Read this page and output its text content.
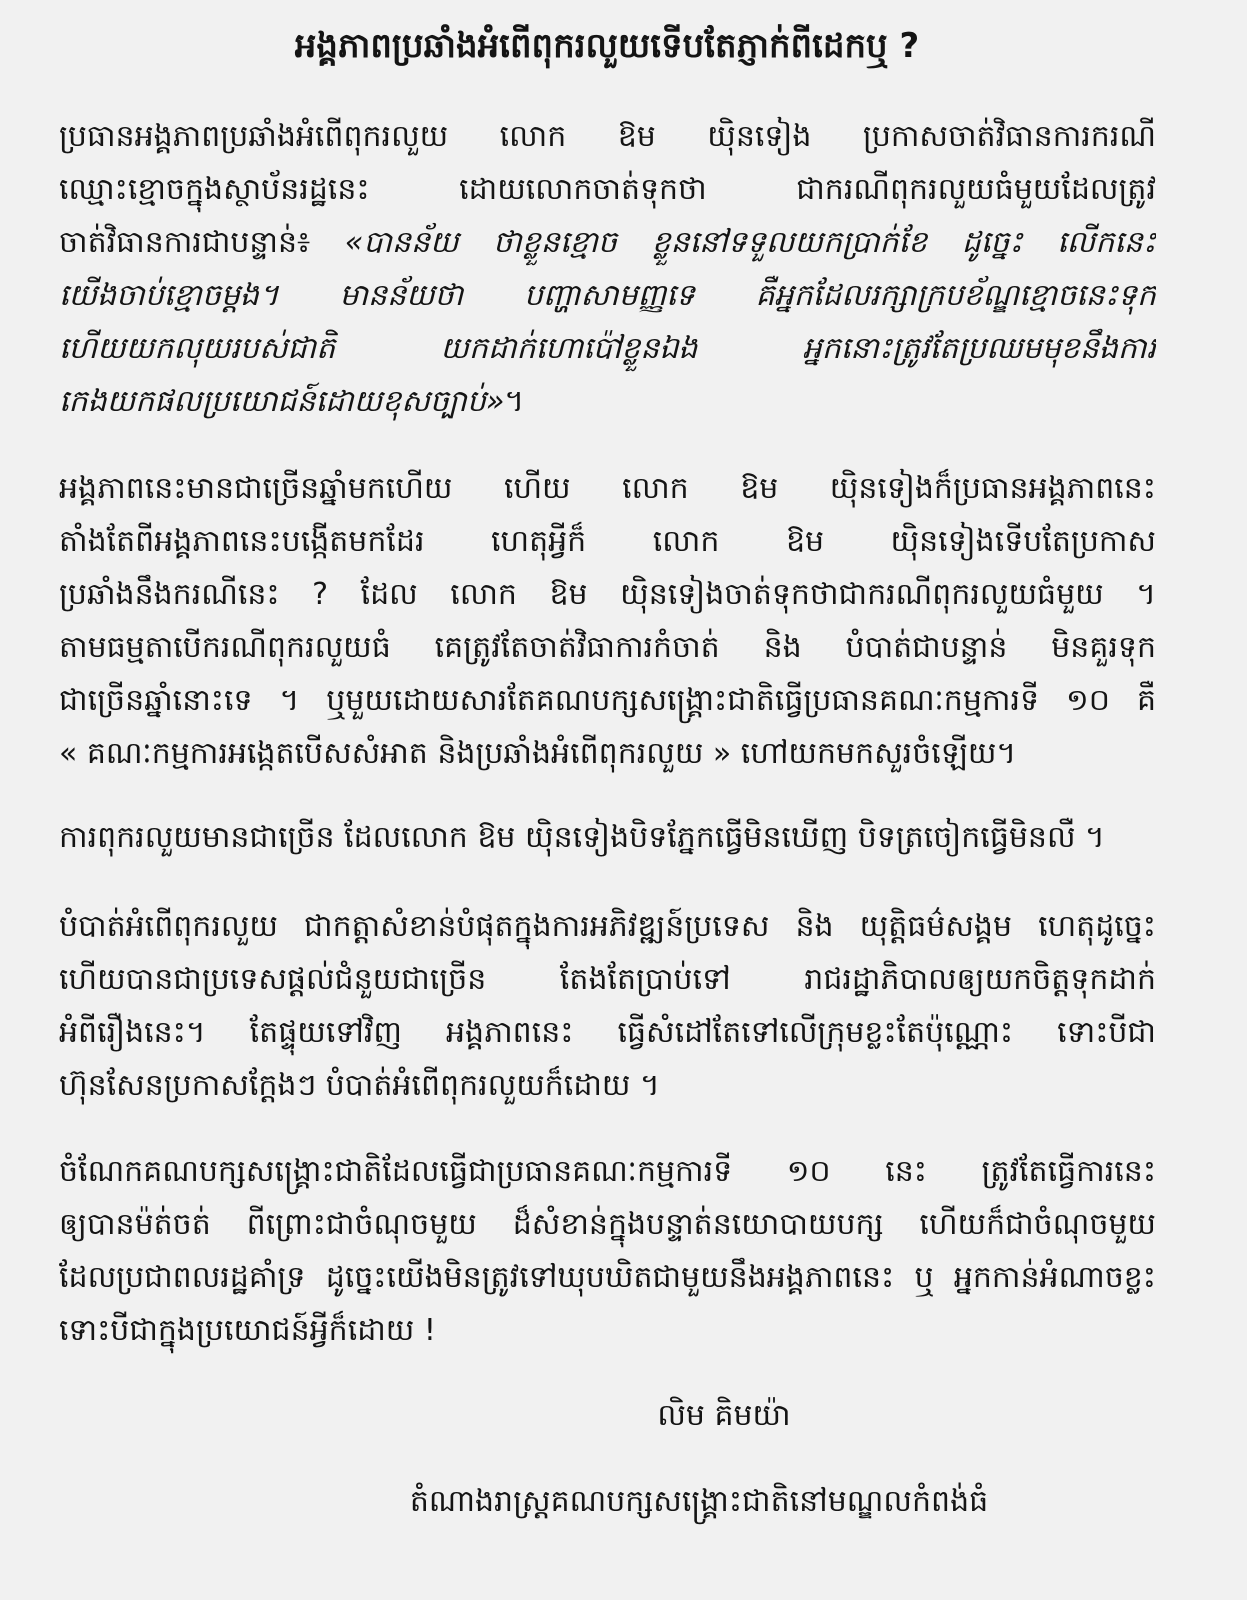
អង្គភាពប្រឆាំងអំពើពុករលួយទើបតែភ្ញាក់ពីដេកឬ ?
ប្រធានអង្គភាពប្រឆាំងអំពើពុករលួយ លោក ឱម យ៉ិនទៀង ប្រកាសចាត់វិធានការករណី
ឈ្មោះខ្មោចក្នុងស្ថាប័នរដ្ឋនេះ ដោយលោកចាត់ទុកថា ជាករណីពុករលួយធំមួយដែលត្រូវ
ចាត់វិធានការជាបន្ទាន់៖ «បានន័យ ថាខ្លួនខ្មោច ខ្លួននៅទទួលយកប្រាក់ខែ ដូច្នេះ លើកនេះ
យើងចាប់ខ្មោចម្តង។ មានន័យថា បញ្ហាសាមញ្ញទេ គឺអ្នកដែលរក្សាក្របខ័ណ្ឌខ្មោចនេះទុក
ហើយយកលុយរបស់ជាតិ យកដាក់ហោប៉ៅខ្លួនឯង អ្នកនោះត្រូវតែប្រឈមមុខនឹងការ
កេងយកផលប្រយោជន៍ដោយខុសច្បាប់»។
អង្គភាពនេះមានជាច្រើនឆ្នាំមកហើយ ហើយ លោក ឱម យ៉ិនទៀងក៏ប្រធានអង្គភាពនេះ
តាំងតែពីអង្គភាពនេះបង្កើតមកដែរ ហេតុអ្វីក៏ លោក ឱម យ៉ិនទៀងទើបតែប្រកាស
ប្រឆាំងនឹងករណីនេះ ? ដែល លោក ឱម យ៉ិនទៀងចាត់ទុកថាជាករណីពុករលួយធំមួយ ។
តាមធម្មតាបើករណីពុករលួយធំ គេត្រូវតែចាត់វិធាការកំចាត់ និង បំបាត់ជាបន្ទាន់ មិនគួរទុក
ជាច្រើនឆ្នាំនោះទេ ។ ឬមួយដោយសារតែគណបក្សសង្គ្រោះជាតិធ្វើប្រធានគណៈកម្មការទី ១០ គឺ
« គណៈកម្មការអង្កេតបើសសំអាត និងប្រឆាំងអំពើពុករលួយ » ហៅយកមកសួរចំឡើយ។
ការពុករលួយមានជាច្រើន ដែលលោក ឱម យ៉ិនទៀងបិទភ្នែកធ្វើមិនឃើញ បិទត្រចៀកធ្វើមិនលឺ ។
បំបាត់អំពើពុករលួយ ជាកត្តាសំខាន់បំផុតក្នុងការអភិវឌ្ឍន៍ប្រទេស និង យុត្តិធម៌សង្គម ហេតុដូច្នេះ
ហើយបានជាប្រទេសផ្តល់ជំនួយជាច្រើន តែងតែប្រាប់ទៅ រាជរដ្ឋាភិបាលឲ្យយកចិត្តទុកដាក់
អំពីរឿងនេះ។ តែផ្ទុយទៅវិញ អង្គភាពនេះ ធ្វើសំដៅតែទៅលើក្រុមខ្លះតែប៉ុណ្ណោះ ទោះបីជា
ហ៊ុនសែនប្រកាសក្តែងៗ បំបាត់អំពើពុករលួយក៏ដោយ ។
ចំណែកគណបក្សសង្គ្រោះជាតិដែលធ្វើជាប្រធានគណៈកម្មការទី ១០ នេះ ត្រូវតែធ្វើការនេះ
ឲ្យបានម៉ត់ចត់ ពីព្រោះជាចំណុចមួយ ដ៏សំខាន់ក្នុងបន្ទាត់នយោបាយបក្ស ហើយក៏ជាចំណុចមួយ
ដែលប្រជាពលរដ្ឋគាំទ្រ ដូច្នេះយើងមិនត្រូវទៅឃុបឃិតជាមួយនឹងអង្គភាពនេះ ឬ អ្នកកាន់អំណាចខ្លះ
ទោះបីជាក្នុងប្រយោជន៍អ្វីក៏ដោយ !
លិម គិមយ៉ា
តំណាងរាស្ត្រគណបក្សសង្គ្រោះជាតិនៅមណ្ឌលកំពង់ធំ
